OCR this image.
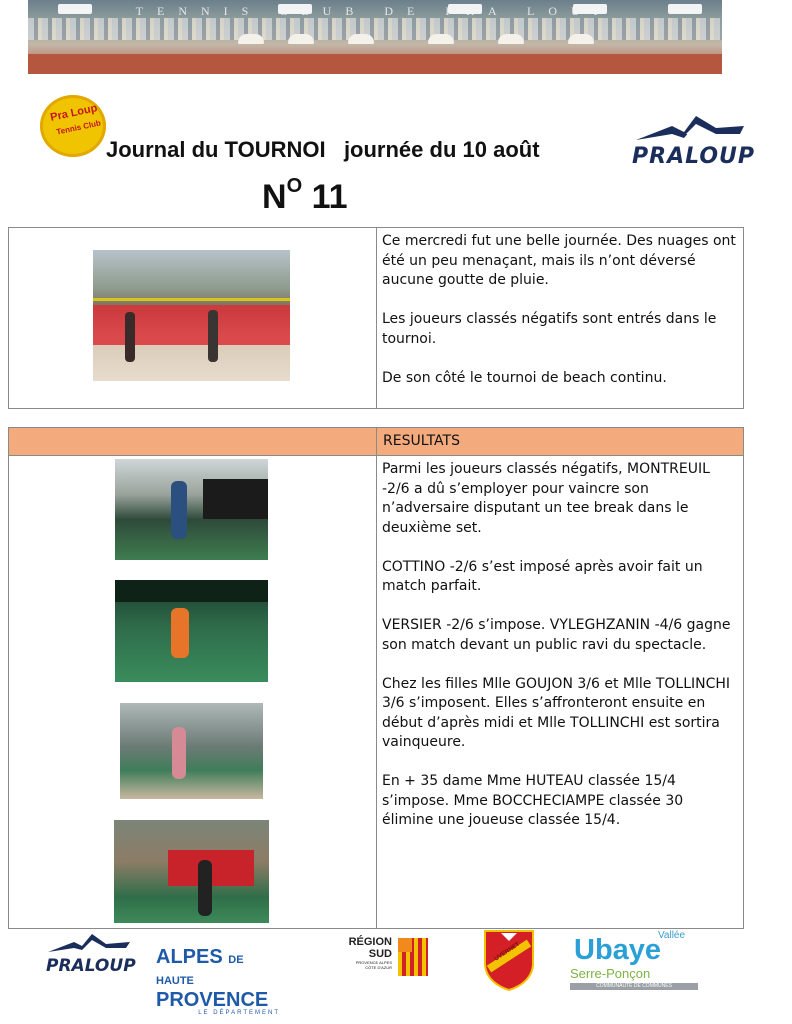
TENNIS CLUB DE PRA LOUP
Pra Loup
Tennis Club
Journal du TOURNOI   journée du 10 août
$N^O$ 11
PRALOUP

Ce mercredi fut une belle journée. Des nuages ont été un peu menaçant, mais ils n’ont déversé aucune goutte de pluie.

Les joueurs classés négatifs sont entrés dans le tournoi.

De son côté le tournoi de beach continu.

	RESULTATS

	Parmi les joueurs classés négatifs, MONTREUIL -2/6 a dû s’employer pour vaincre son n’adversaire disputant un tee break dans le deuxième set.

COTTINO -2/6 s’est imposé après avoir fait un match parfait.

VERSIER -2/6 s’impose. VYLEGHZANIN -4/6 gagne son match devant un public ravi du spectacle.

Chez les filles Mlle GOUJON 3/6 et Mlle TOLLINCHI 3/6 s’imposent. Elles s’affronteront ensuite en début d’après midi et Mlle TOLLINCHI est sortira vainqueure.

En + 35 dame Mme HUTEAU classée 15/4 s’impose. Mme BOCCHECIAMPE classée 30 élimine une joueuse classée 15/4.

PRALOUP ALPES DE HAUTE
PROVENCE
LE DÉPARTEMENT
RÉGION
SUD
PROVENCE ALPES CÔTE D'AZUR
UVERNET
Vallée
Ubaye
Serre-Ponçon
COMMUNAUTÉ DE COMMUNES
